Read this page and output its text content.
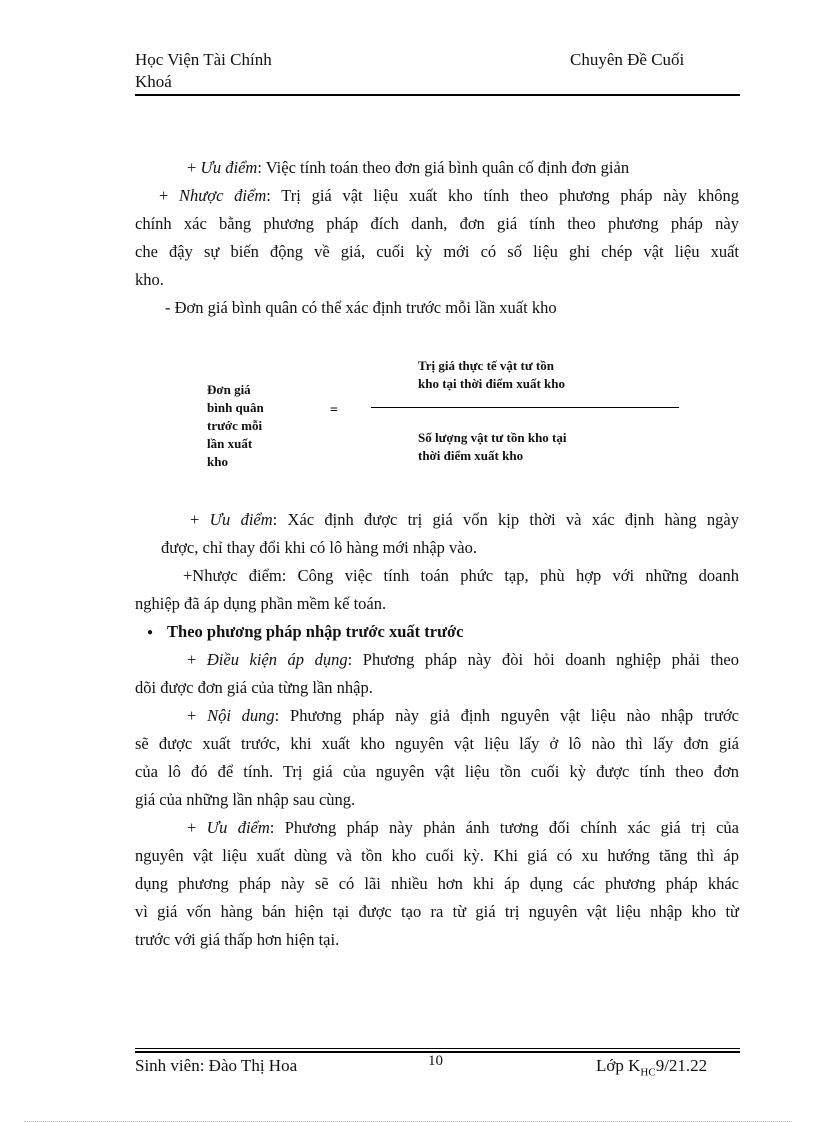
Học Viện Tài Chính
Khoá
Chuyên Đề Cuối
+ Ưu điểm: Việc tính toán theo đơn giá bình quân cố định đơn giản
+ Nhược điểm: Trị giá vật liệu xuất kho tính theo phương pháp này không
chính xác bằng phương pháp đích danh, đơn giá tính theo phương pháp này
che đậy sự biến động về giá, cuối kỳ mới có số liệu ghi chép vật liệu xuất
kho.
- Đơn giá bình quân có thể xác định trước mỗi lần xuất kho
Đơn giá
bình quân
trước mỗi
lần xuất
kho
=
Trị giá thực tế vật tư tồn
kho tại thời điểm xuất kho
Số lượng vật tư tồn kho tại
thời điểm xuất kho
+ Ưu điểm: Xác định được trị giá vốn kịp thời và xác định hàng ngày
được, chỉ thay đổi khi có lô hàng mới nhập vào.
+Nhược điểm: Công việc tính toán phức tạp, phù hợp với những doanh
nghiệp đã áp dụng phần mềm kế toán.
● Theo phương pháp nhập trước xuất trước
+ Điều kiện áp dụng: Phương pháp này đòi hỏi doanh nghiệp phải theo
dõi được đơn giá của từng lần nhập.
+ Nội dung: Phương pháp này giả định nguyên vật liệu nào nhập trước
sẽ được xuất trước, khi xuất kho nguyên vật liệu lấy ở lô nào thì lấy đơn giá
của lô đó để tính. Trị giá của nguyên vật liệu tồn cuối kỳ được tính theo đơn
giá của những lần nhập sau cùng.
+ Ưu điểm: Phương pháp này phản ánh tương đối chính xác giá trị của
nguyên vật liệu xuất dùng và tồn kho cuối kỳ. Khi giá có xu hướng tăng thì áp
dụng phương pháp này sẽ có lãi nhiều hơn khi áp dụng các phương pháp khác
vì giá vốn hàng bán hiện tại được tạo ra từ giá trị nguyên vật liệu nhập kho từ
trước với giá thấp hơn hiện tại.
Sinh viên: Đào Thị Hoa	10	Lớp $K_{HC}9/21.22$
